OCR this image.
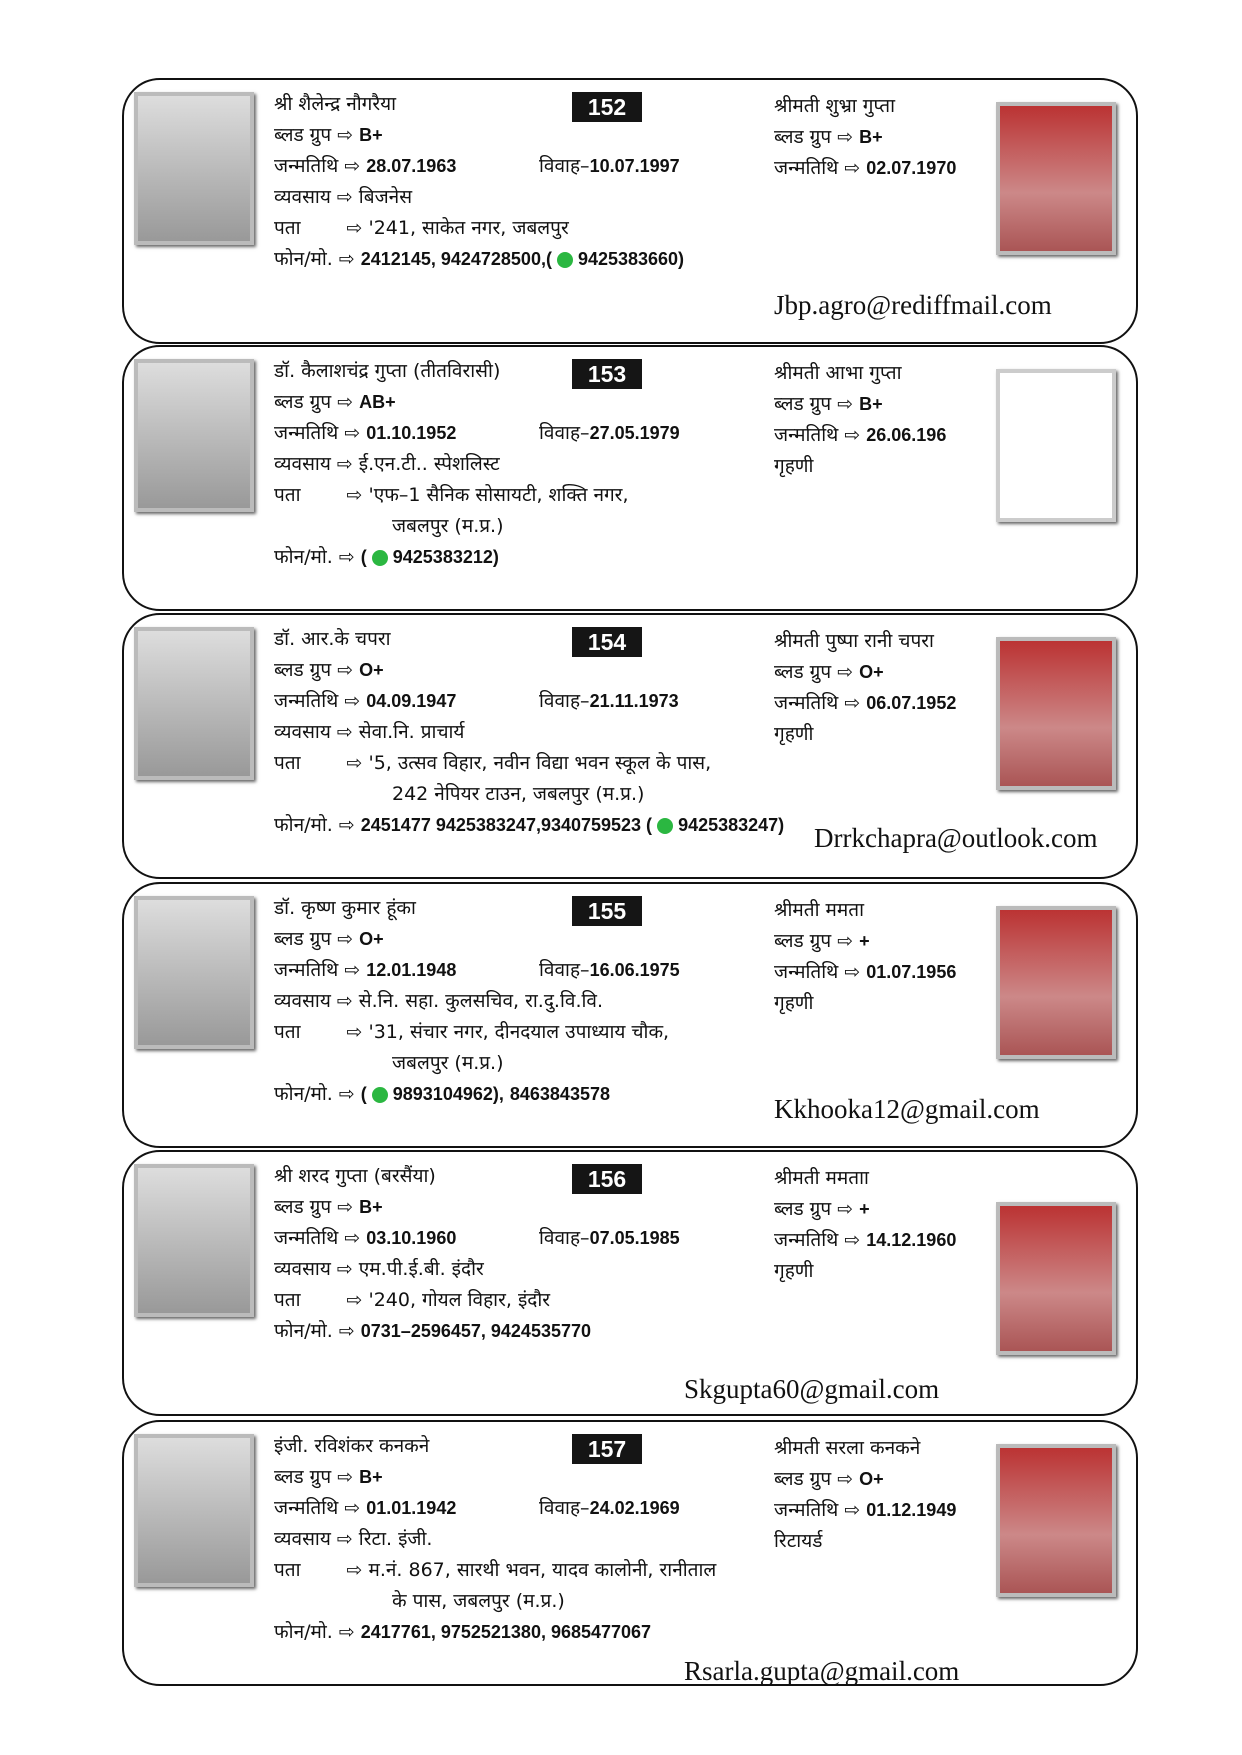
152
श्री शैलेन्द्र नौगरैया
ब्लड ग्रुप ⇨ B+
जन्मतिथि ⇨ 28.07.1963	विवाह–10.07.1997
व्यवसाय ⇨ बिजनेस
पता ⇨ '241, साकेत नगर, जबलपुर
फोन/मो. ⇨ 2412145, 9424728500,( 9425383660)
श्रीमती शुभ्रा गुप्ता
ब्लड ग्रुप ⇨ B+
जन्मतिथि ⇨ 02.07.1970
Jbp.agro@rediffmail.com
153
डॉ. कैलाशचंद्र गुप्ता (तीतविरासी)
ब्लड ग्रुप ⇨ AB+
जन्मतिथि ⇨ 01.10.1952	विवाह–27.05.1979
व्यवसाय ⇨ ई.एन.टी.. स्पेशलिस्ट
पता ⇨ 'एफ–1 सैनिक सोसायटी, शक्ति नगर,
जबलपुर (म.प्र.)
फोन/मो. ⇨ ( 9425383212)
श्रीमती आभा गुप्ता
ब्लड ग्रुप ⇨ B+
जन्मतिथि ⇨ 26.06.196
गृहणी
154
डॉ. आर.के चपरा
ब्लड ग्रुप ⇨ O+
जन्मतिथि ⇨ 04.09.1947	विवाह–21.11.1973
व्यवसाय ⇨ सेवा.नि. प्राचार्य
पता ⇨ '5, उत्सव विहार, नवीन विद्या भवन स्कूल के पास,
242 नेपियर टाउन, जबलपुर (म.प्र.)
फोन/मो. ⇨ 2451477 9425383247,9340759523 ( 9425383247)
श्रीमती पुष्पा रानी चपरा
ब्लड ग्रुप ⇨ O+
जन्मतिथि ⇨ 06.07.1952
गृहणी
Drrkchapra@outlook.com
155
डॉ. कृष्ण कुमार हूंका
ब्लड ग्रुप ⇨ O+
जन्मतिथि ⇨ 12.01.1948	विवाह–16.06.1975
व्यवसाय ⇨ से.नि. सहा. कुलसचिव, रा.दु.वि.वि.
पता ⇨ '31, संचार नगर, दीनदयाल उपाध्याय चौक,
जबलपुर (म.प्र.)
फोन/मो. ⇨ ( 9893104962), 8463843578
श्रीमती ममता
ब्लड ग्रुप ⇨ +
जन्मतिथि ⇨ 01.07.1956
गृहणी
Kkhooka12@gmail.com
156
श्री शरद गुप्ता (बरसैंया)
ब्लड ग्रुप ⇨ B+
जन्मतिथि ⇨ 03.10.1960	विवाह–07.05.1985
व्यवसाय ⇨ एम.पी.ई.बी. इंदौर
पता ⇨ '240, गोयल विहार, इंदौर
फोन/मो. ⇨ 0731–2596457, 9424535770
श्रीमती ममताा
ब्लड ग्रुप ⇨ +
जन्मतिथि ⇨ 14.12.1960
गृहणी
Skgupta60@gmail.com
157
इंजी. रविशंकर कनकने
ब्लड ग्रुप ⇨ B+
जन्मतिथि ⇨ 01.01.1942	विवाह–24.02.1969
व्यवसाय ⇨ रिटा. इंजी.
पता ⇨ म.नं. 867, सारथी भवन, यादव कालोनी, रानीताल
के पास, जबलपुर (म.प्र.)
फोन/मो. ⇨ 2417761, 9752521380, 9685477067
श्रीमती सरला कनकने
ब्लड ग्रुप ⇨ O+
जन्मतिथि ⇨ 01.12.1949
रिटायर्ड
Rsarla.gupta@gmail.com
